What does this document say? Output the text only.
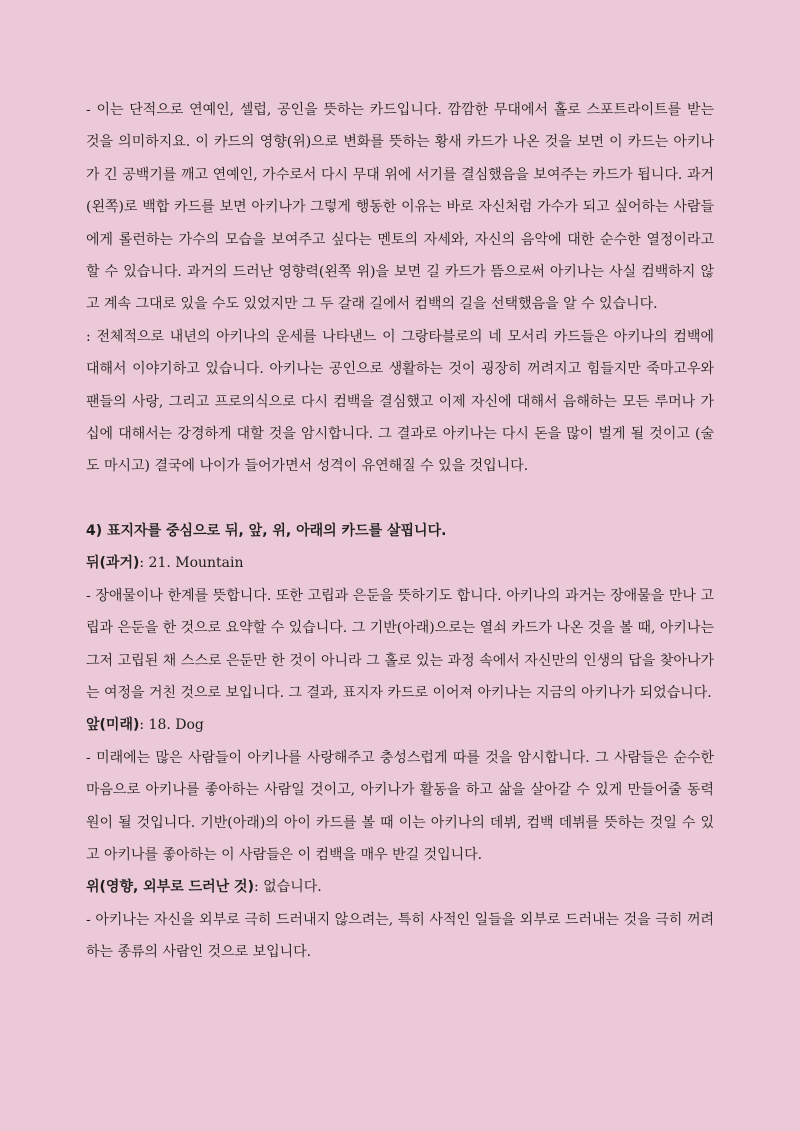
- 이는 단적으로 연예인, 셀럽, 공인을 뜻하는 카드입니다. 깜깜한 무대에서 홀로 스포트라이트를 받는 것을 의미하지요. 이 카드의 영향(위)으로 변화를 뜻하는 황새 카드가 나온 것을 보면 이 카드는 아키나가 긴 공백기를 깨고 연예인, 가수로서 다시 무대 위에 서기를 결심했음을 보여주는 카드가 됩니다. 과거(왼쪽)로 백합 카드를 보면 아키나가 그렇게 행동한 이유는 바로 자신처럼 가수가 되고 싶어하는 사람들에게 롤런하는 가수의 모습을 보여주고 싶다는 멘토의 자세와, 자신의 음악에 대한 순수한 열정이라고 할 수 있습니다. 과거의 드러난 영향력(왼쪽 위)을 보면 길 카드가 뜸으로써 아키나는 사실 컴백하지 않고 계속 그대로 있을 수도 있었지만 그 두 갈래 길에서 컴백의 길을 선택했음을 알 수 있습니다.

: 전체적으로 내년의 아키나의 운세를 나타낸느 이 그랑타블로의 네 모서리 카드들은 아키나의 컴백에 대해서 이야기하고 있습니다. 아키나는 공인으로 생활하는 것이 굉장히 꺼려지고 힘들지만 죽마고우와 팬들의 사랑, 그리고 프로의식으로 다시 컴백을 결심했고 이제 자신에 대해서 음해하는 모든 루머나 가십에 대해서는 강경하게 대할 것을 암시합니다. 그 결과로 아키나는 다시 돈을 많이 벌게 될 것이고 (술도 마시고) 결국에 나이가 들어가면서 성격이 유연해질 수 있을 것입니다.

4) 표지자를 중심으로 뒤, 앞, 위, 아래의 카드를 살핍니다.

뒤(과거): 21. Mountain

- 장애물이나 한계를 뜻합니다. 또한 고립과 은둔을 뜻하기도 합니다. 아키나의 과거는 장애물을 만나 고립과 은둔을 한 것으로 요약할 수 있습니다. 그 기반(아래)으로는 열쇠 카드가 나온 것을 볼 때, 아키나는 그저 고립된 채 스스로 은둔만 한 것이 아니라 그 홀로 있는 과정 속에서 자신만의 인생의 답을 찾아나가는 여정을 거친 것으로 보입니다. 그 결과, 표지자 카드로 이어져 아키나는 지금의 아키나가 되었습니다.

앞(미래): 18. Dog

- 미래에는 많은 사람들이 아키나를 사랑해주고 충성스럽게 따를 것을 암시합니다. 그 사람들은 순수한 마음으로 아키나를 좋아하는 사람일 것이고, 아키나가 활동을 하고 삶을 살아갈 수 있게 만들어줄 동력원이 될 것입니다. 기반(아래)의 아이 카드를 볼 때 이는 아키나의 데뷔, 컴백 데뷔를 뜻하는 것일 수 있고 아키나를 좋아하는 이 사람들은 이 컴백을 매우 반길 것입니다.

위(영향, 외부로 드러난 것): 없습니다.

- 아키나는 자신을 외부로 극히 드러내지 않으려는, 특히 사적인 일들을 외부로 드러내는 것을 극히 꺼려하는 종류의 사람인 것으로 보입니다.
